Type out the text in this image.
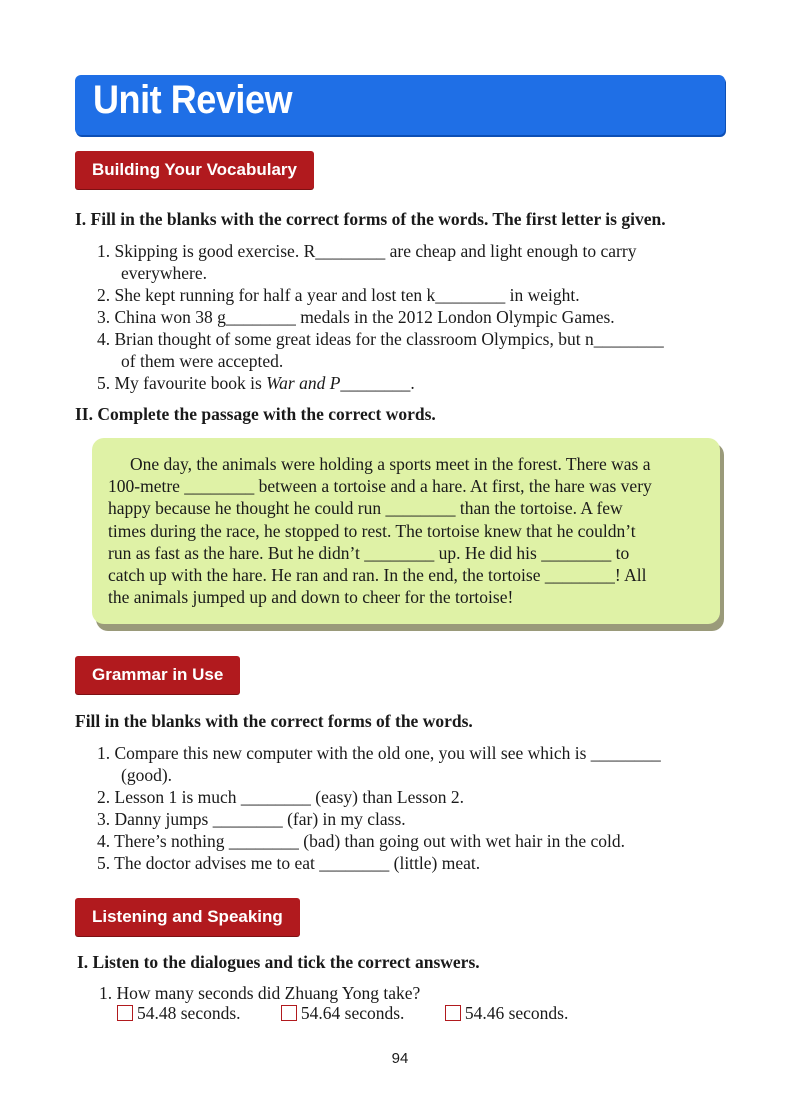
Unit Review
Building Your Vocabulary
I. Fill in the blanks with the correct forms of the words. The first letter is given.
1. Skipping is good exercise. R________ are cheap and light enough to carry
everywhere.
2. She kept running for half a year and lost ten k________ in weight.
3. China won 38 g________ medals in the 2012 London Olympic Games.
4. Brian thought of some great ideas for the classroom Olympics, but n________
of them were accepted.
5. My favourite book is War and P________.
II. Complete the passage with the correct words.
One day, the animals were holding a sports meet in the forest. There was a
100-metre ________ between a tortoise and a hare. At first, the hare was very
happy because he thought he could run ________ than the tortoise. A few
times during the race, he stopped to rest. The tortoise knew that he couldn’t
run as fast as the hare. But he didn’t ________ up. He did his ________ to
catch up with the hare. He ran and ran. In the end, the tortoise ________! All
the animals jumped up and down to cheer for the tortoise!
Grammar in Use
Fill in the blanks with the correct forms of the words.
1. Compare this new computer with the old one, you will see which is ________
(good).
2. Lesson 1 is much ________ (easy) than Lesson 2.
3. Danny jumps ________ (far) in my class.
4. There’s nothing ________ (bad) than going out with wet hair in the cold.
5. The doctor advises me to eat ________ (little) meat.
Listening and Speaking
I. Listen to the dialogues and tick the correct answers.
1. How many seconds did Zhuang Yong take?
54.48 seconds.	54.64 seconds.	54.46 seconds.
94
